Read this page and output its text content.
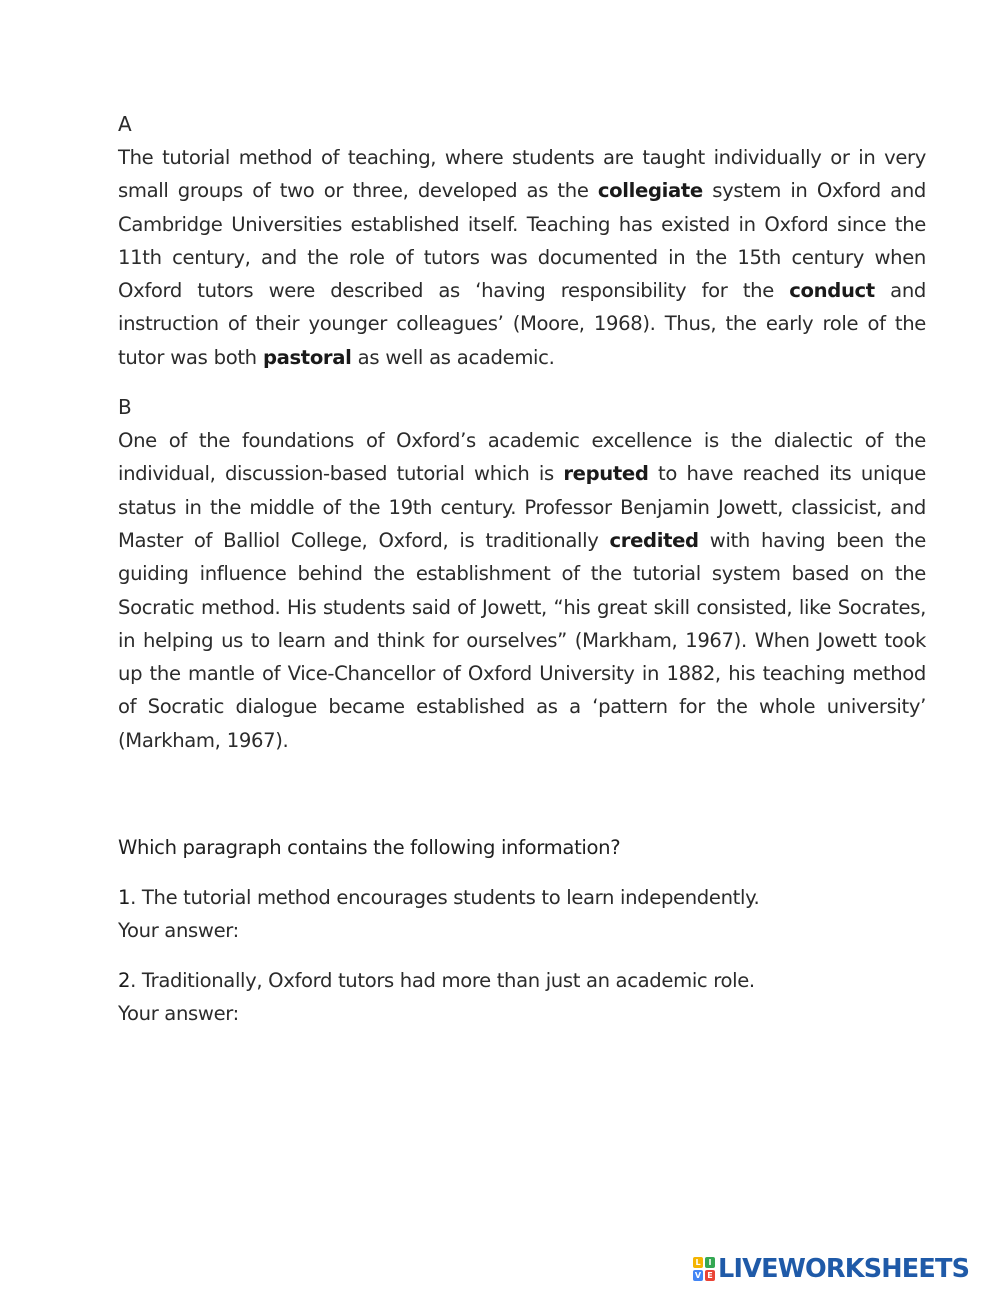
A

The tutorial method of teaching, where students are taught individually or in very small groups of two or three, developed as the collegiate system in Oxford and Cambridge Universities established itself. Teaching has existed in Oxford since the 11th century, and the role of tutors was documented in the 15th century when Oxford tutors were described as ‘having responsibility for the conduct and instruction of their younger colleagues’ (Moore, 1968). Thus, the early role of the tutor was both pastoral as well as academic.

B

One of the foundations of Oxford’s academic excellence is the dialectic of the individual, discussion-based tutorial which is reputed to have reached its unique status in the middle of the 19th century. Professor Benjamin Jowett, classicist, and Master of Balliol College, Oxford, is traditionally credited with having been the guiding influence behind the establishment of the tutorial system based on the Socratic method. His students said of Jowett, “his great skill consisted, like Socrates, in helping us to learn and think for ourselves” (Markham, 1967). When Jowett took up the mantle of Vice-Chancellor of Oxford University in 1882, his teaching method of Socratic dialogue became established as a ‘pattern for the whole university’ (Markham, 1967).

Which paragraph contains the following information?

1. The tutorial method encourages students to learn independently.
Your answer:
2. Traditionally, Oxford tutors had more than just an academic role.
Your answer:
L I
V E LIVEWORKSHEETS
